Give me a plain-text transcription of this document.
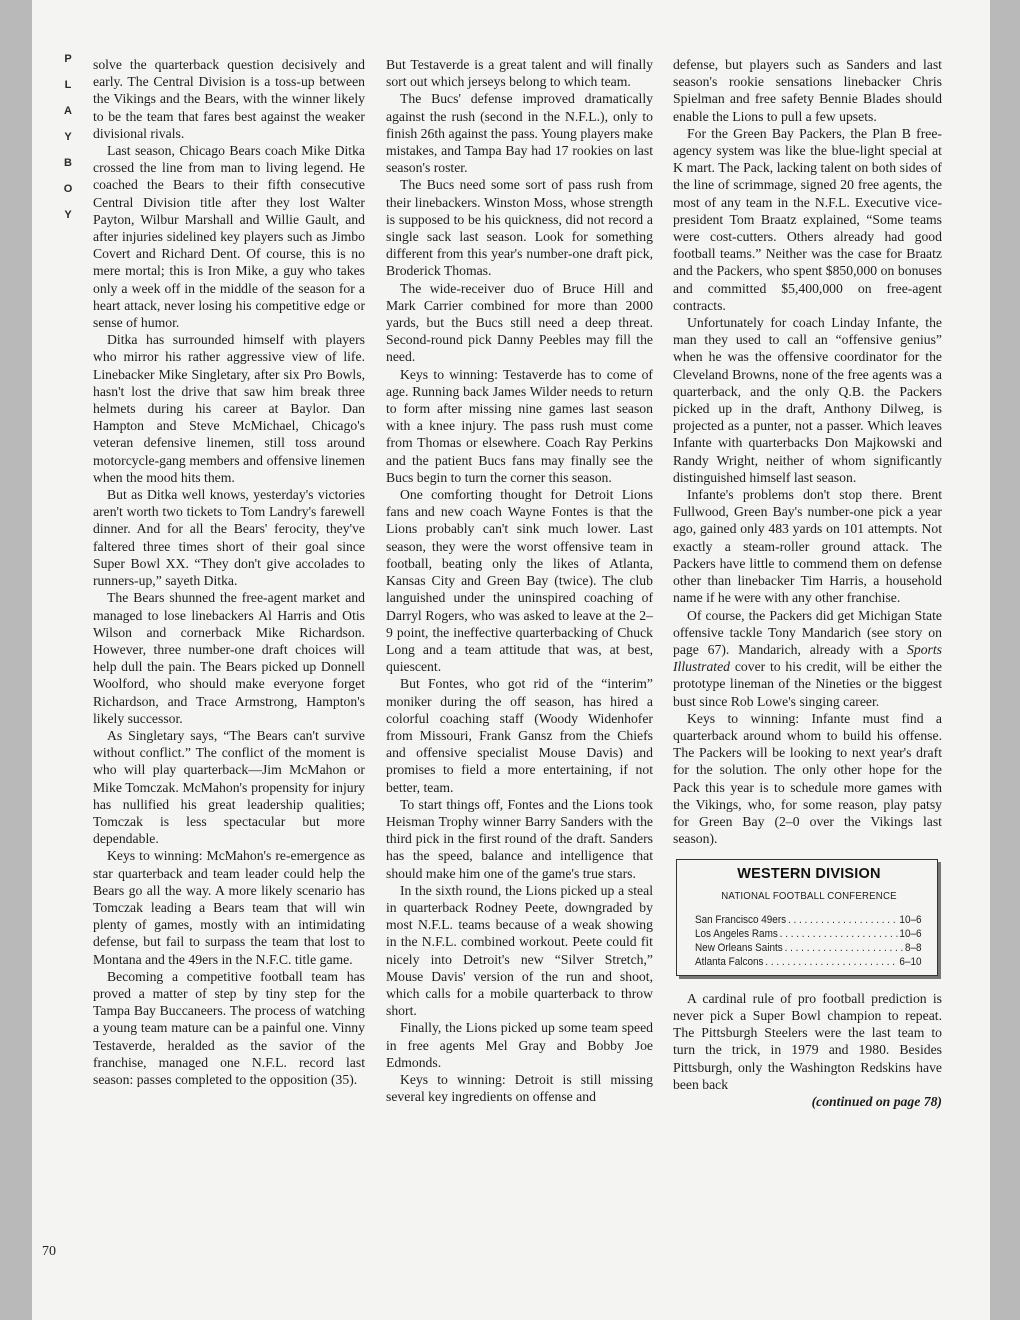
P
L
A
Y
B
O
Y
70

solve the quarterback question decisively and early. The Central Division is a toss-up between the Vikings and the Bears, with the winner likely to be the team that fares best against the weaker divisional rivals.

Last season, Chicago Bears coach Mike Ditka crossed the line from man to living legend. He coached the Bears to their fifth consecutive Central Division title after they lost Walter Payton, Wilbur Marshall and Willie Gault, and after injuries sidelined key players such as Jimbo Covert and Richard Dent. Of course, this is no mere mortal; this is Iron Mike, a guy who takes only a week off in the middle of the season for a heart attack, never losing his competitive edge or sense of humor.

Ditka has surrounded himself with players who mirror his rather aggressive view of life. Linebacker Mike Singletary, after six Pro Bowls, hasn't lost the drive that saw him break three helmets during his career at Baylor. Dan Hampton and Steve McMichael, Chicago's veteran defensive linemen, still toss around motorcycle-gang members and offensive linemen when the mood hits them.

But as Ditka well knows, yesterday's victories aren't worth two tickets to Tom Landry's farewell dinner. And for all the Bears' ferocity, they've faltered three times short of their goal since Super Bowl XX. “They don't give accolades to runners-up,” sayeth Ditka.

The Bears shunned the free-agent market and managed to lose linebackers Al Harris and Otis Wilson and cornerback Mike Richardson. However, three number-one draft choices will help dull the pain. The Bears picked up Donnell Woolford, who should make everyone forget Richardson, and Trace Armstrong, Hampton's likely successor.

As Singletary says, “The Bears can't survive without conflict.” The conflict of the moment is who will play quarterback—Jim McMahon or Mike Tomczak. McMahon's propensity for injury has nullified his great leadership qualities; Tomczak is less spectacular but more dependable.

Keys to winning: McMahon's re-emergence as star quarterback and team leader could help the Bears go all the way. A more likely scenario has Tomczak leading a Bears team that will win plenty of games, mostly with an intimidating defense, but fail to surpass the team that lost to Montana and the 49ers in the N.F.C. title game.

Becoming a competitive football team has proved a matter of step by tiny step for the Tampa Bay Buccaneers. The process of watching a young team mature can be a painful one. Vinny Testaverde, heralded as the savior of the franchise, managed one N.F.L. record last season: passes completed to the opposition (35).

But Testaverde is a great talent and will finally sort out which jerseys belong to which team.

The Bucs' defense improved dramatically against the rush (second in the N.F.L.), only to finish 26th against the pass. Young players make mistakes, and Tampa Bay had 17 rookies on last season's roster.

The Bucs need some sort of pass rush from their linebackers. Winston Moss, whose strength is supposed to be his quickness, did not record a single sack last season. Look for something different from this year's number-one draft pick, Broderick Thomas.

The wide-receiver duo of Bruce Hill and Mark Carrier combined for more than 2000 yards, but the Bucs still need a deep threat. Second-round pick Danny Peebles may fill the need.

Keys to winning: Testaverde has to come of age. Running back James Wilder needs to return to form after missing nine games last season with a knee injury. The pass rush must come from Thomas or elsewhere. Coach Ray Perkins and the patient Bucs fans may finally see the Bucs begin to turn the corner this season.

One comforting thought for Detroit Lions fans and new coach Wayne Fontes is that the Lions probably can't sink much lower. Last season, they were the worst offensive team in football, beating only the likes of Atlanta, Kansas City and Green Bay (twice). The club languished under the uninspired coaching of Darryl Rogers, who was asked to leave at the 2–9 point, the ineffective quarterbacking of Chuck Long and a team attitude that was, at best, quiescent.

But Fontes, who got rid of the “interim” moniker during the off season, has hired a colorful coaching staff (Woody Widenhofer from Missouri, Frank Gansz from the Chiefs and offensive specialist Mouse Davis) and promises to field a more entertaining, if not better, team.

To start things off, Fontes and the Lions took Heisman Trophy winner Barry Sanders with the third pick in the first round of the draft. Sanders has the speed, balance and intelligence that should make him one of the game's true stars.

In the sixth round, the Lions picked up a steal in quarterback Rodney Peete, downgraded by most N.F.L. teams because of a weak showing in the N.F.L. combined workout. Peete could fit nicely into Detroit's new “Silver Stretch,” Mouse Davis' version of the run and shoot, which calls for a mobile quarterback to throw short.

Finally, the Lions picked up some team speed in free agents Mel Gray and Bobby Joe Edmonds.

Keys to winning: Detroit is still missing several key ingredients on offense and

defense, but players such as Sanders and last season's rookie sensations linebacker Chris Spielman and free safety Bennie Blades should enable the Lions to pull a few upsets.

For the Green Bay Packers, the Plan B free-agency system was like the blue-light special at K mart. The Pack, lacking talent on both sides of the line of scrimmage, signed 20 free agents, the most of any team in the N.F.L. Executive vice-president Tom Braatz explained, “Some teams were cost-cutters. Others already had good football teams.” Neither was the case for Braatz and the Packers, who spent $850,000 on bonuses and committed $5,400,000 on free-agent contracts.

Unfortunately for coach Linday Infante, the man they used to call an “offensive genius” when he was the offensive coordinator for the Cleveland Browns, none of the free agents was a quarterback, and the only Q.B. the Packers picked up in the draft, Anthony Dilweg, is projected as a punter, not a passer. Which leaves Infante with quarterbacks Don Majkowski and Randy Wright, neither of whom significantly distinguished himself last season.

Infante's problems don't stop there. Brent Fullwood, Green Bay's number-one pick a year ago, gained only 483 yards on 101 attempts. Not exactly a steam-roller ground attack. The Packers have little to commend them on defense other than linebacker Tim Harris, a household name if he were with any other franchise.

Of course, the Packers did get Michigan State offensive tackle Tony Mandarich (see story on page 67). Mandarich, already with a Sports Illustrated cover to his credit, will be either the prototype lineman of the Nineties or the biggest bust since Rob Lowe's singing career.

Keys to winning: Infante must find a quarterback around whom to build his offense. The Packers will be looking to next year's draft for the solution. The only other hope for the Pack this year is to schedule more games with the Vikings, who, for some reason, play patsy for Green Bay (2–0 over the Vikings last season).

WESTERN DIVISION
NATIONAL FOOTBALL CONFERENCE
San Francisco 49ers . . .	10–6
Los Angeles Rams . . .	10–6
New Orleans Saints . . .	8–8
Atlanta Falcons . . .	6–10

A cardinal rule of pro football prediction is never pick a Super Bowl champion to repeat. The Pittsburgh Steelers were the last team to turn the trick, in 1979 and 1980. Besides Pittsburgh, only the Washington Redskins have been back

(continued on page 78)
